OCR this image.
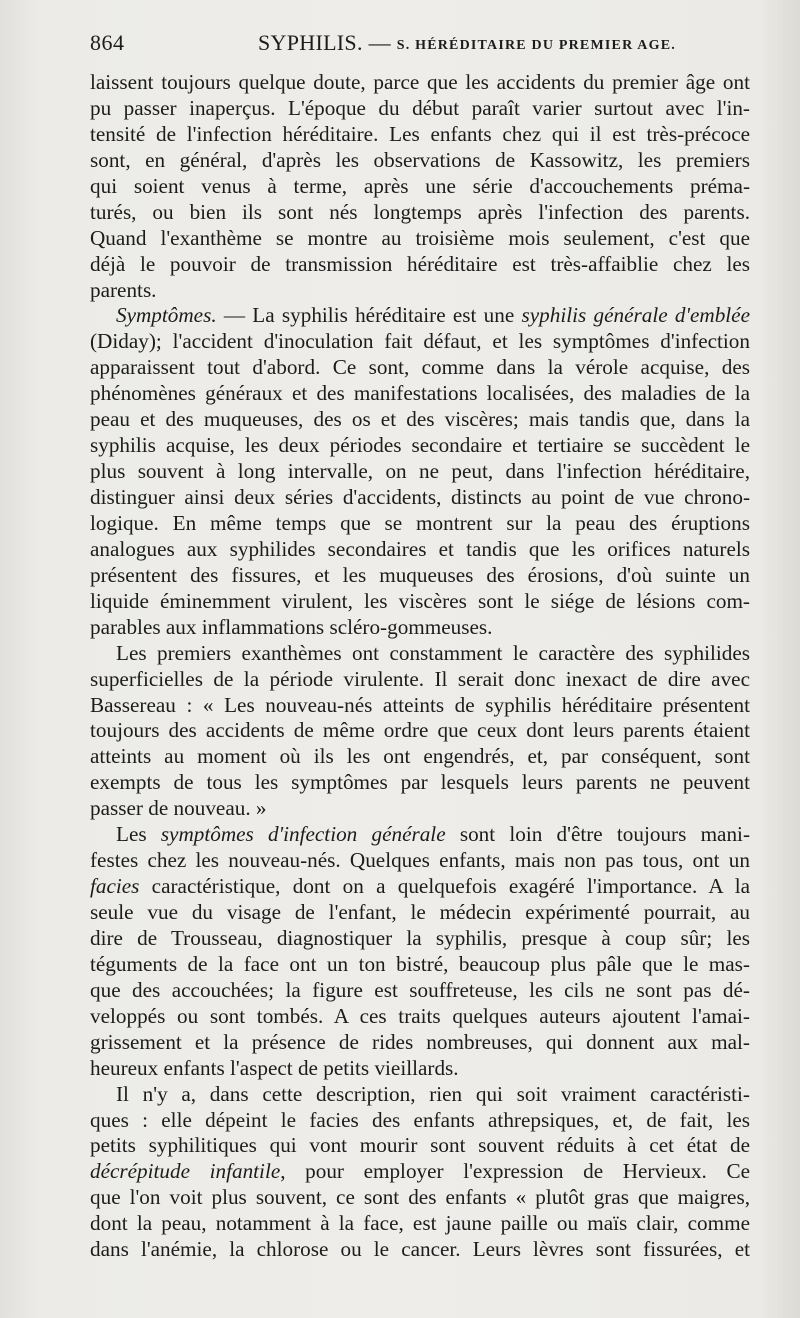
864	SYPHILIS. — S. HÉRÉDITAIRE DU PREMIER AGE.
laissent toujours quelque doute, parce que les accidents du premier âge ont
pu passer inaperçus. L'époque du début paraît varier surtout avec l'in-
tensité de l'infection héréditaire. Les enfants chez qui il est très-précoce
sont, en général, d'après les observations de Kassowitz, les premiers
qui soient venus à terme, après une série d'accouchements préma-
turés, ou bien ils sont nés longtemps après l'infection des parents.
Quand l'exanthème se montre au troisième mois seulement, c'est que
déjà le pouvoir de transmission héréditaire est très-affaiblie chez les
parents.
Symptômes. — La syphilis héréditaire est une syphilis générale d'emblée
(Diday); l'accident d'inoculation fait défaut, et les symptômes d'infection
apparaissent tout d'abord. Ce sont, comme dans la vérole acquise, des
phénomènes généraux et des manifestations localisées, des maladies de la
peau et des muqueuses, des os et des viscères; mais tandis que, dans la
syphilis acquise, les deux périodes secondaire et tertiaire se succèdent le
plus souvent à long intervalle, on ne peut, dans l'infection héréditaire,
distinguer ainsi deux séries d'accidents, distincts au point de vue chrono-
logique. En même temps que se montrent sur la peau des éruptions
analogues aux syphilides secondaires et tandis que les orifices naturels
présentent des fissures, et les muqueuses des érosions, d'où suinte un
liquide éminemment virulent, les viscères sont le siége de lésions com-
parables aux inflammations scléro-gommeuses.
Les premiers exanthèmes ont constamment le caractère des syphilides
superficielles de la période virulente. Il serait donc inexact de dire avec
Bassereau : « Les nouveau-nés atteints de syphilis héréditaire présentent
toujours des accidents de même ordre que ceux dont leurs parents étaient
atteints au moment où ils les ont engendrés, et, par conséquent, sont
exempts de tous les symptômes par lesquels leurs parents ne peuvent
passer de nouveau. »
Les symptômes d'infection générale sont loin d'être toujours mani-
festes chez les nouveau-nés. Quelques enfants, mais non pas tous, ont un
facies caractéristique, dont on a quelquefois exagéré l'importance. A la
seule vue du visage de l'enfant, le médecin expérimenté pourrait, au
dire de Trousseau, diagnostiquer la syphilis, presque à coup sûr; les
téguments de la face ont un ton bistré, beaucoup plus pâle que le mas-
que des accouchées; la figure est souffreteuse, les cils ne sont pas dé-
veloppés ou sont tombés. A ces traits quelques auteurs ajoutent l'amai-
grissement et la présence de rides nombreuses, qui donnent aux mal-
heureux enfants l'aspect de petits vieillards.
Il n'y a, dans cette description, rien qui soit vraiment caractéristi-
ques : elle dépeint le facies des enfants athrepsiques, et, de fait, les
petits syphilitiques qui vont mourir sont souvent réduits à cet état de
décrépitude infantile, pour employer l'expression de Hervieux. Ce
que l'on voit plus souvent, ce sont des enfants « plutôt gras que maigres,
dont la peau, notamment à la face, est jaune paille ou maïs clair, comme
dans l'anémie, la chlorose ou le cancer. Leurs lèvres sont fissurées, et
